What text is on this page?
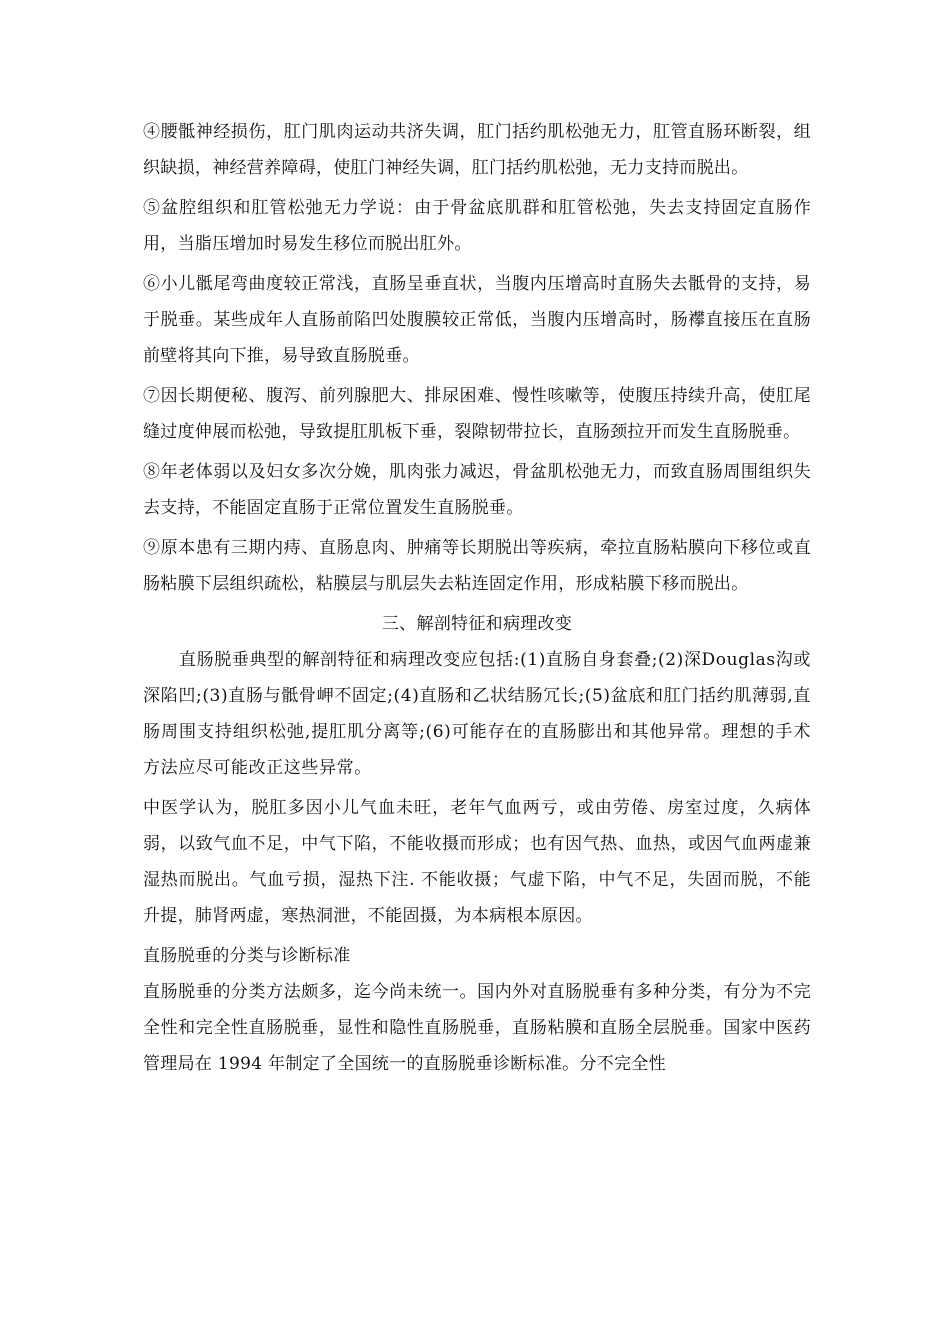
④腰骶神经损伤，肛门肌肉运动共济失调，肛门括约肌松弛无力，肛管直肠环断裂，组织缺损，神经营养障碍，使肛门神经失调，肛门括约肌松弛，无力支持而脱出。

⑤盆腔组织和肛管松弛无力学说：由于骨盆底肌群和肛管松弛，失去支持固定直肠作用，当脂压增加时易发生移位而脱出肛外。

⑥小儿骶尾弯曲度较正常浅，直肠呈垂直状，当腹内压增高时直肠失去骶骨的支持，易于脱垂。某些成年人直肠前陷凹处腹膜较正常低，当腹内压增高时，肠襻直接压在直肠前壁将其向下推，易导致直肠脱垂。

⑦因长期便秘、腹泻、前列腺肥大、排尿困难、慢性咳嗽等，使腹压持续升高，使肛尾缝过度伸展而松弛，导致提肛肌板下垂，裂隙韧带拉长，直肠颈拉开而发生直肠脱垂。

⑧年老体弱以及妇女多次分娩，肌肉张力减迟，骨盆肌松弛无力，而致直肠周围组织失去支持，不能固定直肠于正常位置发生直肠脱垂。

⑨原本患有三期内痔、直肠息肉、肿痛等长期脱出等疾病，牵拉直肠粘膜向下移位或直肠粘膜下层组织疏松，粘膜层与肌层失去粘连固定作用，形成粘膜下移而脱出。

三、解剖特征和病理改变

直肠脱垂典型的解剖特征和病理改变应包括:(1)直肠自身套叠;(2)深Douglas沟或深陷凹;(3)直肠与骶骨岬不固定;(4)直肠和乙状结肠冗长;(5)盆底和肛门括约肌薄弱,直肠周围支持组织松弛,提肛肌分离等;(6)可能存在的直肠膨出和其他异常。理想的手术方法应尽可能改正这些异常。

中医学认为，脱肛多因小儿气血未旺，老年气血两亏，或由劳倦、房室过度，久病体弱，以致气血不足，中气下陷，不能收摄而形成；也有因气热、血热，或因气血两虚兼湿热而脱出。气血亏损，湿热下注. 不能收摄；气虚下陷，中气不足，失固而脱，不能升提，肺肾两虚，寒热洞泄，不能固摄，为本病根本原因。

直肠脱垂的分类与诊断标准

直肠脱垂的分类方法颇多，迄今尚未统一。国内外对直肠脱垂有多种分类，有分为不完全性和完全性直肠脱垂，显性和隐性直肠脱垂，直肠粘膜和直肠全层脱垂。国家中医药管理局在 1994 年制定了全国统一的直肠脱垂诊断标准。分不完全性
